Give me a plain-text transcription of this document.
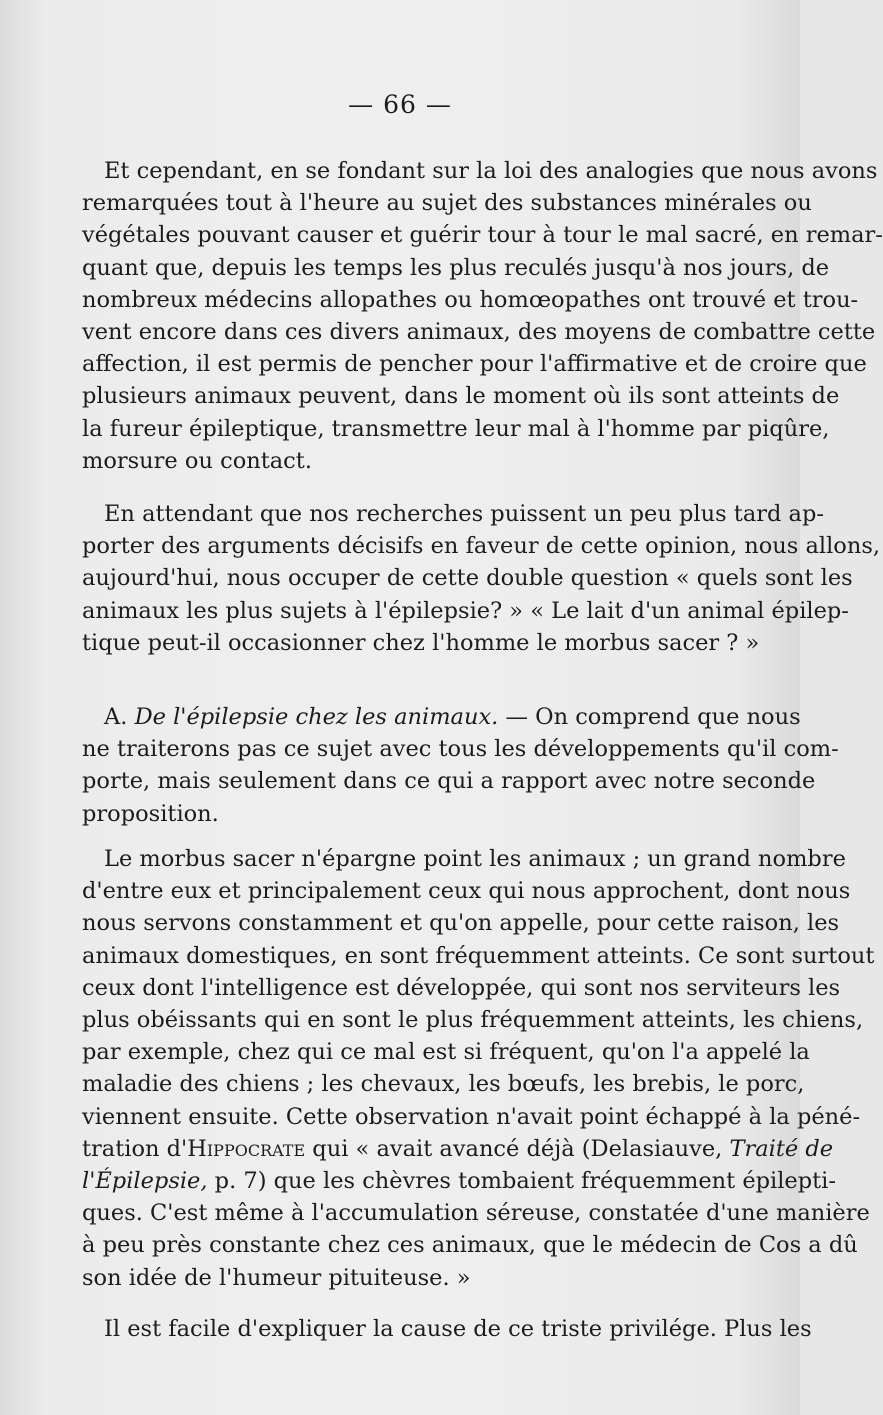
— 66 —
Et cependant, en se fondant sur la loi des analogies que nous avons
remarquées tout à l'heure au sujet des substances minérales ou
végétales pouvant causer et guérir tour à tour le mal sacré, en remar-
quant que, depuis les temps les plus reculés jusqu'à nos jours, de
nombreux médecins allopathes ou homœopathes ont trouvé et trou-
vent encore dans ces divers animaux, des moyens de combattre cette
affection, il est permis de pencher pour l'affirmative et de croire que
plusieurs animaux peuvent, dans le moment où ils sont atteints de
la fureur épileptique, transmettre leur mal à l'homme par piqûre,
morsure ou contact.
En attendant que nos recherches puissent un peu plus tard ap-
porter des arguments décisifs en faveur de cette opinion, nous allons,
aujourd'hui, nous occuper de cette double question « quels sont les
animaux les plus sujets à l'épilepsie? » « Le lait d'un animal épilep-
tique peut-il occasionner chez l'homme le morbus sacer ? »
A. De l'épilepsie chez les animaux. — On comprend que nous
ne traiterons pas ce sujet avec tous les développements qu'il com-
porte, mais seulement dans ce qui a rapport avec notre seconde
proposition.
Le morbus sacer n'épargne point les animaux ; un grand nombre
d'entre eux et principalement ceux qui nous approchent, dont nous
nous servons constamment et qu'on appelle, pour cette raison, les
animaux domestiques, en sont fréquemment atteints. Ce sont surtout
ceux dont l'intelligence est développée, qui sont nos serviteurs les
plus obéissants qui en sont le plus fréquemment atteints, les chiens,
par exemple, chez qui ce mal est si fréquent, qu'on l'a appelé la
maladie des chiens ; les chevaux, les bœufs, les brebis, le porc,
viennent ensuite. Cette observation n'avait point échappé à la péné-
tration d'Hippocrate qui « avait avancé déjà (Delasiauve, Traité de
l'Épilepsie, p. 7) que les chèvres tombaient fréquemment épilepti-
ques. C'est même à l'accumulation séreuse, constatée d'une manière
à peu près constante chez ces animaux, que le médecin de Cos a dû
son idée de l'humeur pituiteuse. »
Il est facile d'expliquer la cause de ce triste privilége. Plus les
